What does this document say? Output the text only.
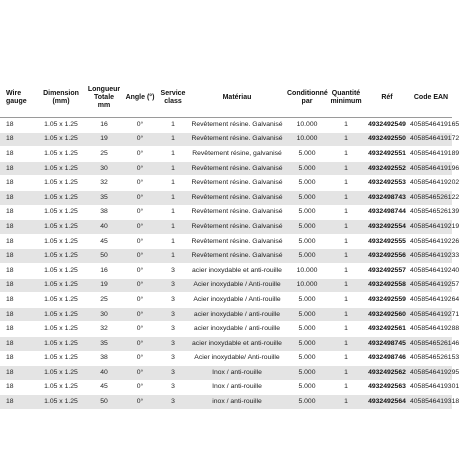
Wire gauge	Dimension (mm)	Longueur Totale mm	Angle (°)	Service class	Matériau	Conditionné par	Quantité minimum	Réf	Code EAN
18	1.05 x 1.25	16	0°	1	Revêtement résine. Galvanisé	10.000	1	4932492549	4058546419165
18	1.05 x 1.25	19	0°	1	Revêtement résine. Galvanisé	10.000	1	4932492550	4058546419172
18	1.05 x 1.25	25	0°	1	Revêtement résine, galvanisé	5.000	1	4932492551	4058546419189
18	1.05 x 1.25	30	0°	1	Revêtement résine. Galvanisé	5.000	1	4932492552	4058546419196
18	1.05 x 1.25	32	0°	1	Revêtement résine. Galvanisé	5.000	1	4932492553	4058546419202
18	1.05 x 1.25	35	0°	1	Revêtement résine. Galvanisé	5.000	1	4932498743	4058546526122
18	1.05 x 1.25	38	0°	1	Revêtement résine. Galvanisé	5.000	1	4932498744	4058546526139
18	1.05 x 1.25	40	0°	1	Revêtement résine. Galvanisé	5.000	1	4932492554	4058546419219
18	1.05 x 1.25	45	0°	1	Revêtement résine. Galvanisé	5.000	1	4932492555	4058546419226
18	1.05 x 1.25	50	0°	1	Revêtement résine. Galvanisé	5.000	1	4932492556	4058546419233
18	1.05 x 1.25	16	0°	3	acier inoxydable et anti-rouille	10.000	1	4932492557	4058546419240
18	1.05 x 1.25	19	0°	3	Acier inoxydable / Anti-rouille	10.000	1	4932492558	4058546419257
18	1.05 x 1.25	25	0°	3	Acier inoxydable / Anti-rouille	5.000	1	4932492559	4058546419264
18	1.05 x 1.25	30	0°	3	acier inoxydable / anti-rouille	5.000	1	4932492560	4058546419271
18	1.05 x 1.25	32	0°	3	acier inoxydable / anti-rouille	5.000	1	4932492561	4058546419288
18	1.05 x 1.25	35	0°	3	acier inoxydable et anti-rouille	5.000	1	4932498745	4058546526146
18	1.05 x 1.25	38	0°	3	Acier inoxydable/ Anti-rouille	5.000	1	4932498746	4058546526153
18	1.05 x 1.25	40	0°	3	Inox / anti-rouille	5.000	1	4932492562	4058546419295
18	1.05 x 1.25	45	0°	3	Inox / anti-rouille	5.000	1	4932492563	4058546419301
18	1.05 x 1.25	50	0°	3	inox / anti-rouille	5.000	1	4932492564	4058546419318
